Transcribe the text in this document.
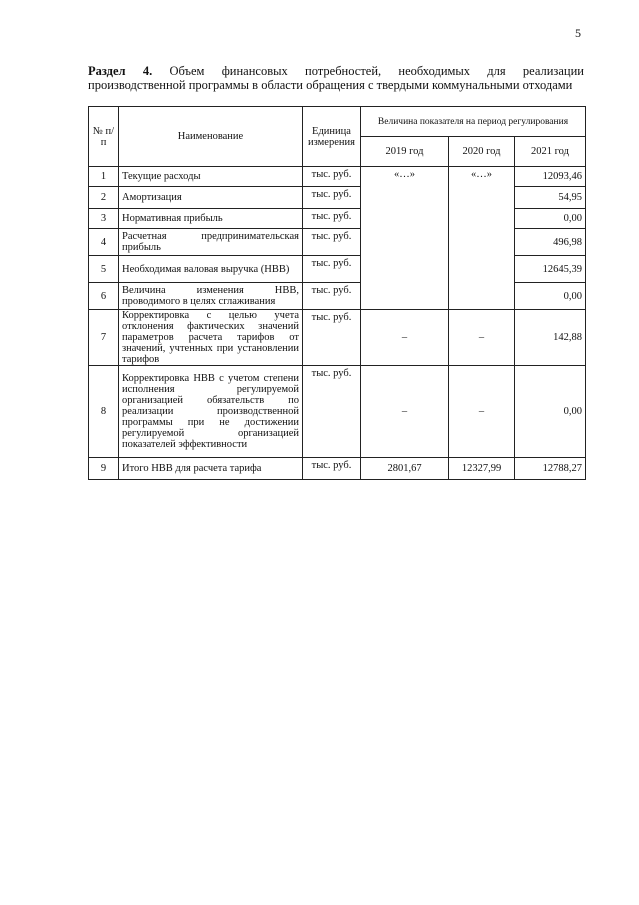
5
Раздел 4. Объем финансовых потребностей, необходимых для реализации производственной программы в области обращения с твердыми коммунальными отходами
№ п/п	Наименование	Единица измерения	Величина показателя на период регулирования		
			2019 год	2020 год	2021 год
1	Текущие расходы	тыс. руб.	«…»	«…»	12093,46
2	Амортизация	тыс. руб.			54,95
3	Нормативная прибыль	тыс. руб.			0,00
4	Расчетная предпринимательская прибыль	тыс. руб.			496,98
5	Необходимая валовая выручка (НВВ)	тыс. руб.			12645,39
6	Величина изменения НВВ, проводимого в целях сглаживания	тыс. руб.			0,00
7	Корректировка с целью учета отклонения фактических значений параметров расчета тарифов от значений, учтенных при установлении тарифов	тыс. руб.	–	–	142,88
8	Корректировка НВВ с учетом степени исполнения регулируемой организацией обязательств по реализации производственной программы при не достижении регулируемой организацией показателей эффективности	тыс. руб.	–	–	0,00
9	Итого НВВ для расчета тарифа	тыс. руб.	2801,67	12327,99	12788,27
